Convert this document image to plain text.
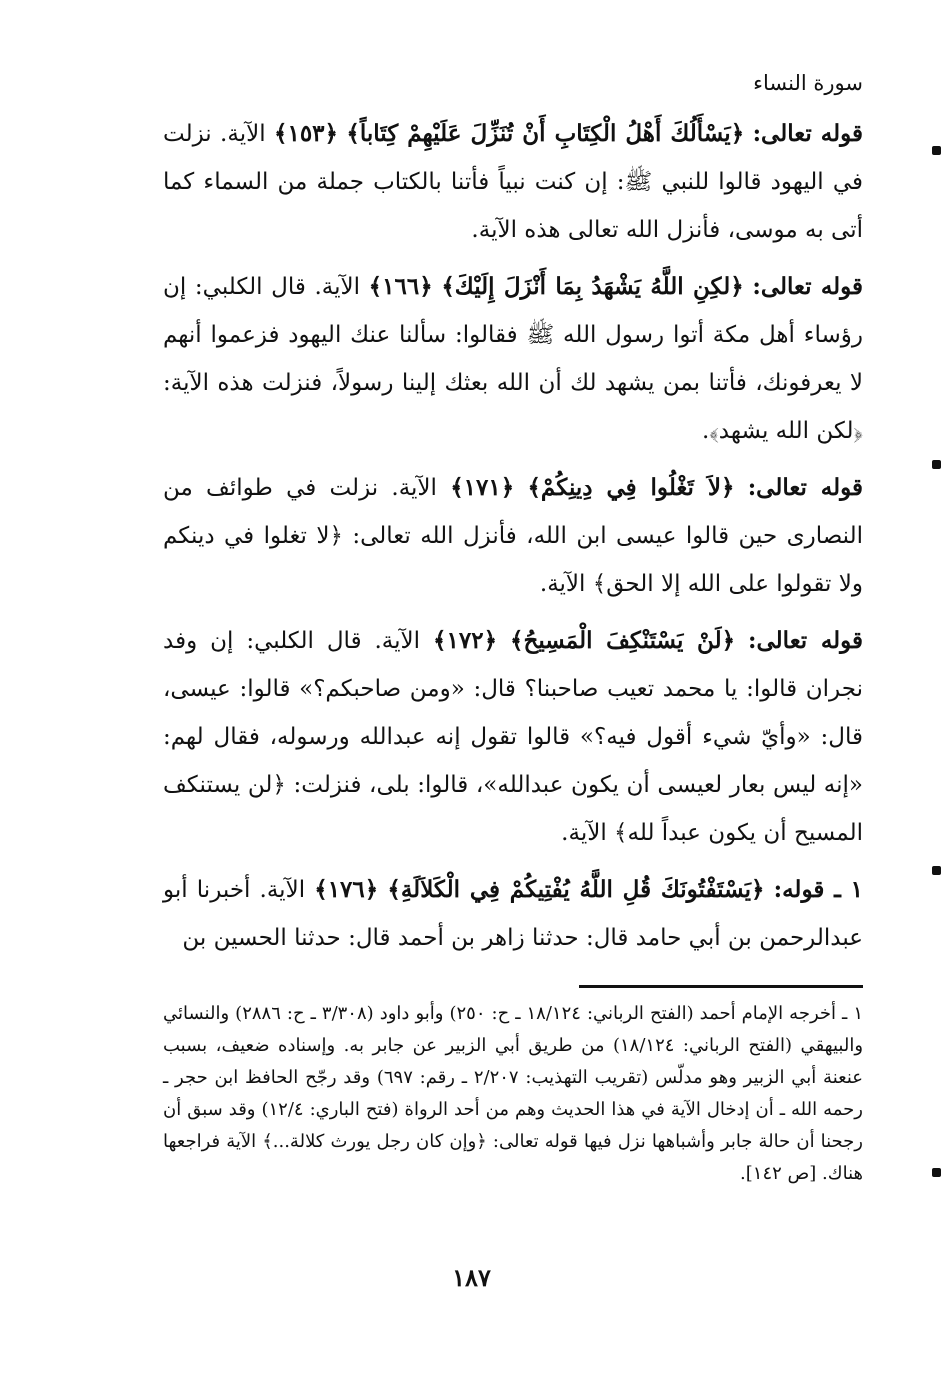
سورة النساء

قوله تعالى: ﴿يَسْأَلُكَ أَهْلُ الْكِتَابِ أَنْ تُنَزِّلَ عَلَيْهِمْ كِتَاباً﴾ ﴿١٥٣﴾ الآية. نزلت في اليهود قالوا للنبي ﷺ: إن كنت نبياً فأتنا بالكتاب جملة من السماء كما أتى به موسى، فأنزل الله تعالى هذه الآية.

قوله تعالى: ﴿لكِنِ اللَّهُ يَشْهَدُ بِمَا أَنْزَلَ إِلَيْكَ﴾ ﴿١٦٦﴾ الآية. قال الكلبي: إن رؤساء أهل مكة أتوا رسول الله ﷺ فقالوا: سألنا عنك اليهود فزعموا أنهم لا يعرفونك، فأتنا بمن يشهد لك أن الله بعثك إلينا رسولاً، فنزلت هذه الآية: ﴿لكن الله يشهد﴾.

قوله تعالى: ﴿لاَ تَغْلُوا فِي دِينِكُمْ﴾ ﴿١٧١﴾ الآية. نزلت في طوائف من النصارى حين قالوا عيسى ابن الله، فأنزل الله تعالى: ﴿لا تغلوا في دينكم ولا تقولوا على الله إلا الحق﴾ الآية.

قوله تعالى: ﴿لَنْ يَسْتَنْكِفَ الْمَسِيحُ﴾ ﴿١٧٢﴾ الآية. قال الكلبي: إن وفد نجران قالوا: يا محمد تعيب صاحبنا؟ قال: «ومن صاحبكم؟» قالوا: عيسى، قال: «وأيّ شيء أقول فيه؟» قالوا تقول إنه عبدالله ورسوله، فقال لهم: «إنه ليس بعار لعيسى أن يكون عبدالله»، قالوا: بلى، فنزلت: ﴿لن يستنكف المسيح أن يكون عبداً لله﴾ الآية.

١ ـ قوله: ﴿يَسْتَفْتُونَكَ قُلِ اللَّهُ يُفْتِيكُمْ فِي الْكَلاَلَةِ﴾ ﴿١٧٦﴾ الآية. أخبرنا أبو عبدالرحمن بن أبي حامد قال: حدثنا زاهر بن أحمد قال: حدثنا الحسين بن

١ ـ أخرجه الإمام أحمد (الفتح الرباني: ١٨/١٢٤ ـ ح: ٢٥٠) وأبو داود (٣/٣٠٨ ـ ح: ٢٨٨٦) والنسائي والبيهقي (الفتح الرباني: ١٨/١٢٤) من طريق أبي الزبير عن جابر به. وإسناده ضعيف، بسبب عنعنة أبي الزبير وهو مدلّس (تقريب التهذيب: ٢/٢٠٧ ـ رقم: ٦٩٧) وقد رجّح الحافظ ابن حجر ـ رحمه الله ـ أن إدخال الآية في هذا الحديث وهم من أحد الرواة (فتح الباري: ١٢/٤) وقد سبق أن رجحنا أن حالة جابر وأشباهها نزل فيها قوله تعالى: ﴿وإن كان رجل يورث كلالة...﴾ الآية فراجعها هناك. [ص ١٤٢].
١٨٧
